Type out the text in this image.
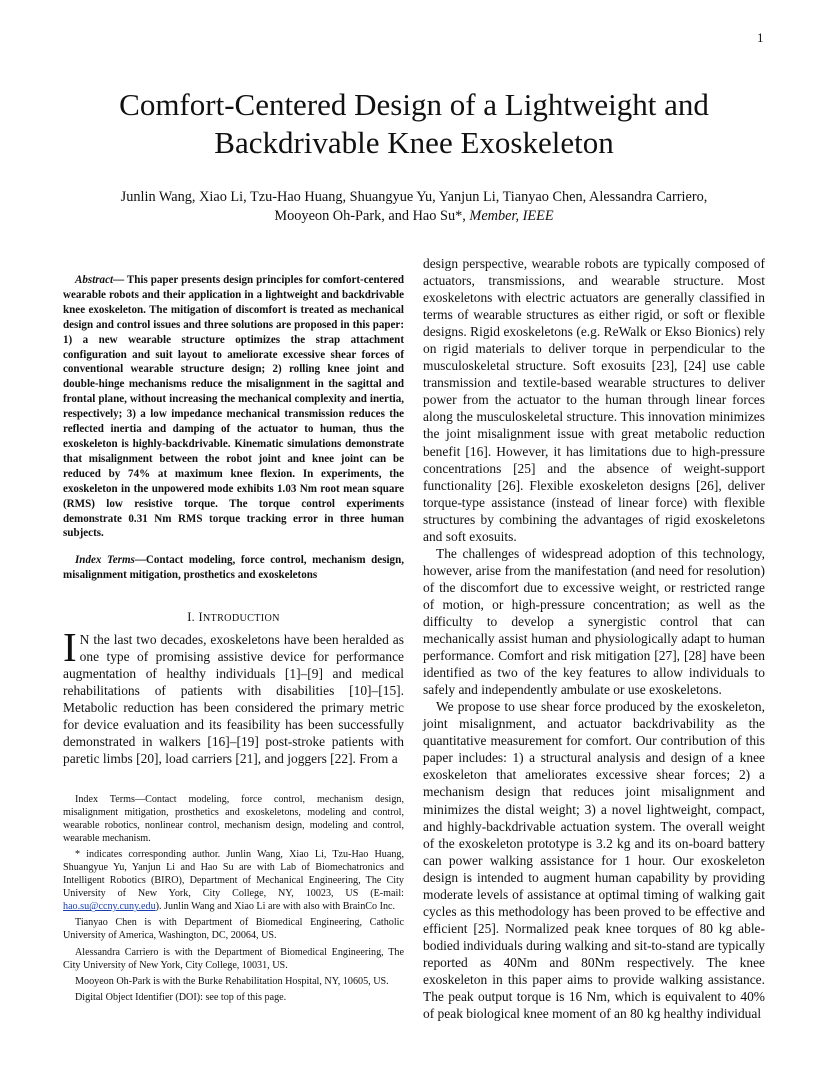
1
Comfort-Centered Design of a Lightweight and
Backdrivable Knee Exoskeleton
Junlin Wang, Xiao Li, Tzu-Hao Huang, Shuangyue Yu, Yanjun Li, Tianyao Chen, Alessandra Carriero,
Mooyeon Oh-Park, and Hao Su*, Member, IEEE

Abstract— This paper presents design principles for comfort-centered wearable robots and their application in a lightweight and backdrivable knee exoskeleton. The mitigation of discomfort is treated as mechanical design and control issues and three solutions are proposed in this paper: 1) a new wearable structure optimizes the strap attachment configuration and suit layout to ameliorate excessive shear forces of conventional wearable structure design; 2) rolling knee joint and double-hinge mechanisms reduce the misalignment in the sagittal and frontal plane, without increasing the mechanical complexity and inertia, respectively; 3) a low impedance mechanical transmission reduces the reflected inertia and damping of the actuator to human, thus the exoskeleton is highly-backdrivable. Kinematic simulations demonstrate that misalignment between the robot joint and knee joint can be reduced by 74% at maximum knee flexion. In experiments, the exoskeleton in the unpowered mode exhibits 1.03 Nm root mean square (RMS) low resistive torque. The torque control experiments demonstrate 0.31 Nm RMS torque tracking error in three human subjects.

Index Terms—Contact modeling, force control, mechanism design, misalignment mitigation, prosthetics and exoskeletons

I. INTRODUCTION

I N the last two decades, exoskeletons have been heralded as one type of promising assistive device for performance augmentation of healthy individuals [1]–[9] and medical rehabilitations of patients with disabilities [10]–[15]. Metabolic reduction has been considered the primary metric for device evaluation and its feasibility has been successfully demonstrated in walkers [16]–[19] post-stroke patients with paretic limbs [20], load carriers [21], and joggers [22]. From a

Index Terms—Contact modeling, force control, mechanism design, misalignment mitigation, prosthetics and exoskeletons, modeling and control, wearable robotics, nonlinear control, mechanism design, modeling and control, wearable mechanism.

* indicates corresponding author. Junlin Wang, Xiao Li, Tzu-Hao Huang, Shuangyue Yu, Yanjun Li and Hao Su are with Lab of Biomechatronics and Intelligent Robotics (BIRO), Department of Mechanical Engineering, The City University of New York, City College, NY, 10023, US (E-mail: hao.su@ccny.cuny.edu). Junlin Wang and Xiao Li are with also with BrainCo Inc.

Tianyao Chen is with Department of Biomedical Engineering, Catholic University of America, Washington, DC, 20064, US.

Alessandra Carriero is with the Department of Biomedical Engineering, The City University of New York, City College, 10031, US.

Mooyeon Oh-Park is with the Burke Rehabilitation Hospital, NY, 10605, US.

Digital Object Identifier (DOI): see top of this page.

design perspective, wearable robots are typically composed of actuators, transmissions, and wearable structure. Most exoskeletons with electric actuators are generally classified in terms of wearable structures as either rigid, or soft or flexible designs. Rigid exoskeletons (e.g. ReWalk or Ekso Bionics) rely on rigid materials to deliver torque in perpendicular to the musculoskeletal structure. Soft exosuits [23], [24] use cable transmission and textile-based wearable structures to deliver power from the actuator to the human through linear forces along the musculoskeletal structure. This innovation minimizes the joint misalignment issue with great metabolic reduction benefit [16]. However, it has limitations due to high-pressure concentrations [25] and the absence of weight-support functionality [26]. Flexible exoskeleton designs [26], deliver torque-type assistance (instead of linear force) with flexible structures by combining the advantages of rigid exoskeletons and soft exosuits.

The challenges of widespread adoption of this technology, however, arise from the manifestation (and need for resolution) of the discomfort due to excessive weight, or restricted range of motion, or high-pressure concentration; as well as the difficulty to develop a synergistic control that can mechanically assist human and physiologically adapt to human performance. Comfort and risk mitigation [27], [28] have been identified as two of the key features to allow individuals to safely and independently ambulate or use exoskeletons.

We propose to use shear force produced by the exoskeleton, joint misalignment, and actuator backdrivability as the quantitative measurement for comfort. Our contribution of this paper includes: 1) a structural analysis and design of a knee exoskeleton that ameliorates excessive shear forces; 2) a mechanism design that reduces joint misalignment and minimizes the distal weight; 3) a novel lightweight, compact, and highly-backdrivable actuation system. The overall weight of the exoskeleton prototype is 3.2 kg and its on-board battery can power walking assistance for 1 hour. Our exoskeleton design is intended to augment human capability by providing moderate levels of assistance at optimal timing of walking gait cycles as this methodology has been proved to be effective and efficient [25]. Normalized peak knee torques of 80 kg able-bodied individuals during walking and sit-to-stand are typically reported as 40Nm and 80Nm respectively. The knee exoskeleton in this paper aims to provide walking assistance. The peak output torque is 16 Nm, which is equivalent to 40% of peak biological knee moment of an 80 kg healthy individual
